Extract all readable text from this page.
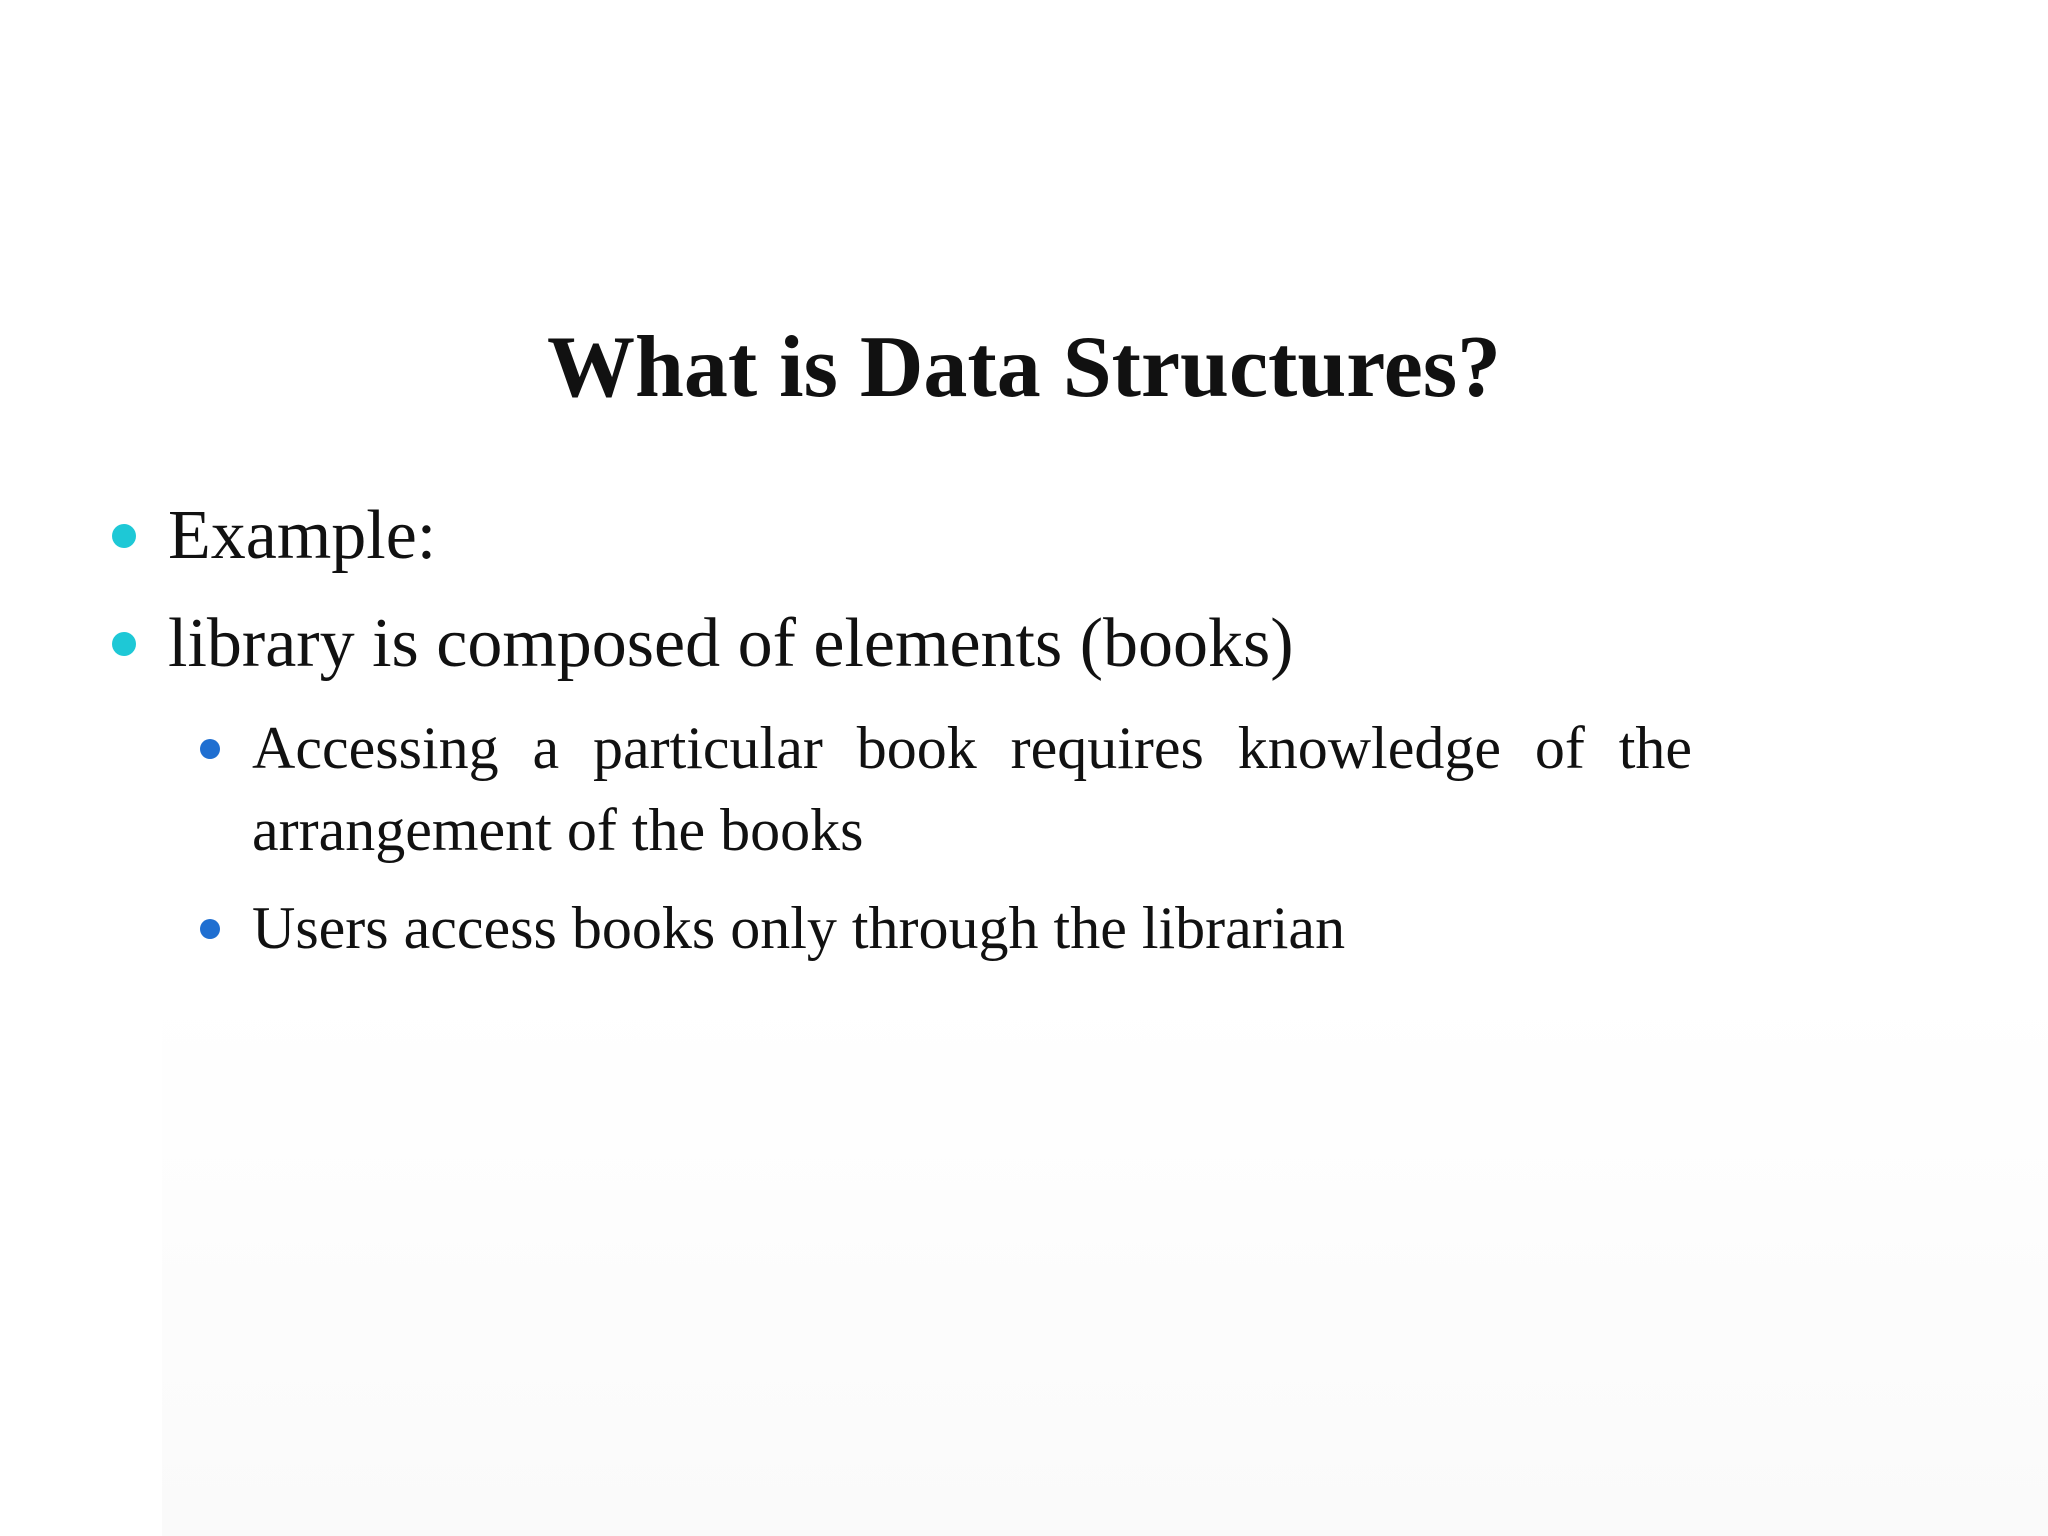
What is Data Structures?
Example:
library is composed of elements (books)
Accessing a particular book requires knowledge of the arrangement of the books
Users access books only through the librarian
